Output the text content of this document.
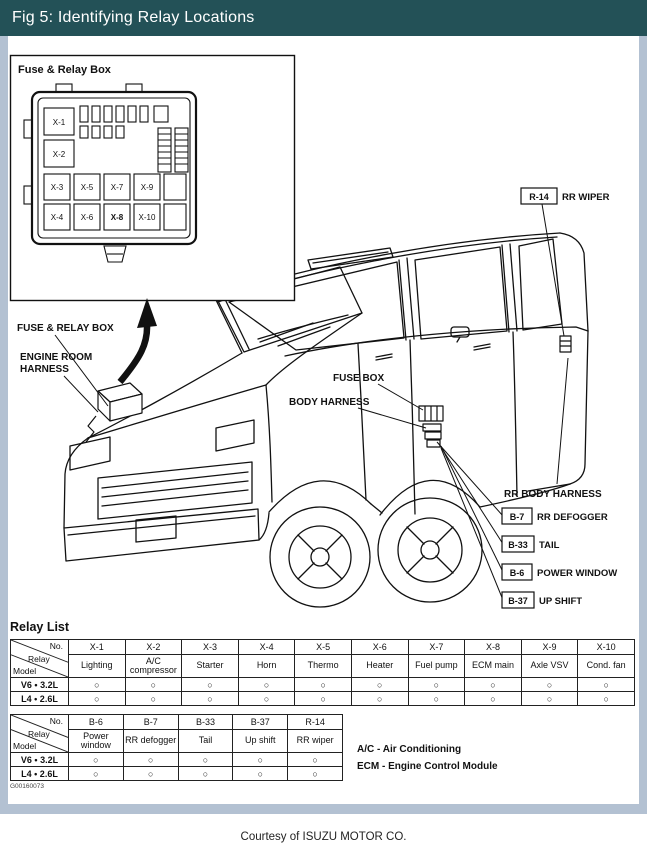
Fig 5: Identifying Relay Locations
Fuse & Relay Box
X-1
X-2
X-3 X-5 X-7 X-9
X-4 X-6 X-8 X-10
FUSE & RELAY BOX
ENGINE ROOM
HARNESS
FUSE BOX
BODY HARNESS
RR BODY HARNESS
R-14 RR WIPER
B-7 RR DEFOGGER
B-33 TAIL
B-6 POWER WINDOW
B-37 UP SHIFT
Relay List
No.
Relay
Model	X-1	X-2	X-3	X-4	X-5	X-6	X-7	X-8	X-9	X-10
	Lighting	A/C compressor	Starter	Horn	Thermo	Heater	Fuel pump	ECM main	Axle VSV	Cond. fan
V6 • 3.2L	○	○	○	○	○	○	○	○	○	○
L4 • 2.6L	○	○	○	○	○	○	○	○	○	○
No.
Relay
Model	B-6	B-7	B-33	B-37	R-14
	Power window	RR defogger	Tail	Up shift	RR wiper
V6 • 3.2L	○	○	○	○	○
L4 • 2.6L	○	○	○	○	○
A/C - Air Conditioning
ECM - Engine Control Module
G00160073
Courtesy of ISUZU MOTOR CO.
